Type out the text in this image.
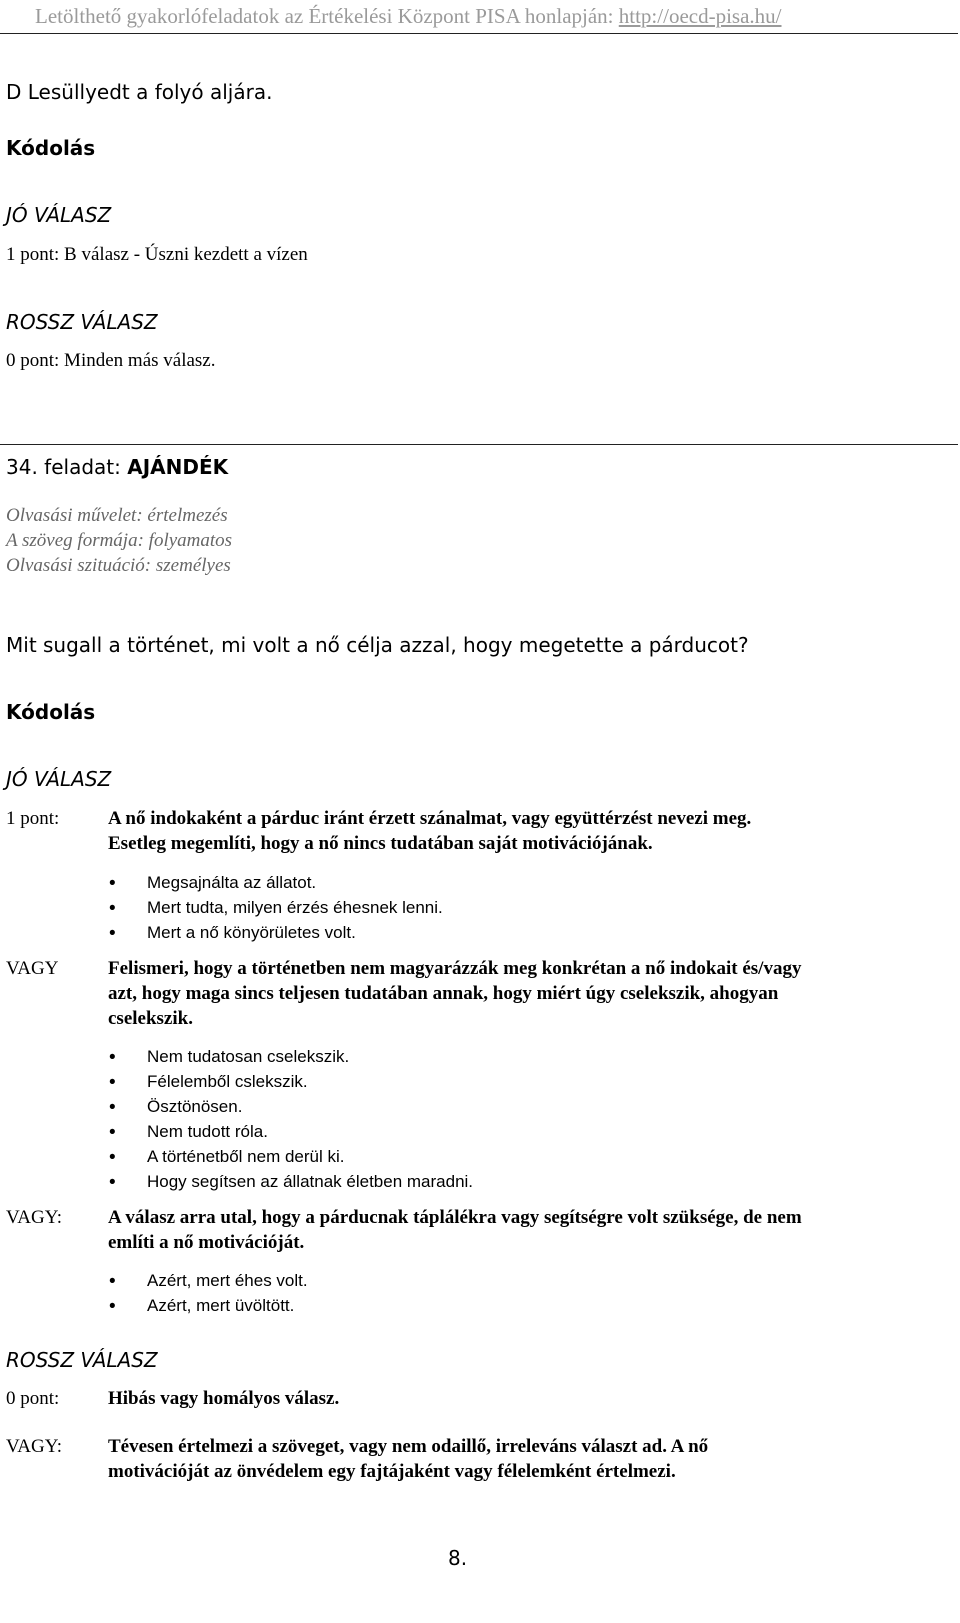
Letölthető gyakorlófeladatok az Értékelési Központ PISA honlapján: http://oecd-pisa.hu/
D Lesüllyedt a folyó aljára.
Kódolás
JÓ VÁLASZ
1 pont: B válasz - Úszni kezdett a vízen
ROSSZ VÁLASZ
0 pont: Minden más válasz.
34. feladat: AJÁNDÉK
Olvasási művelet: értelmezés
A szöveg formája: folyamatos
Olvasási szituáció: személyes
Mit sugall a történet, mi volt a nő célja azzal, hogy megetette a párducot?
Kódolás
JÓ VÁLASZ
1 pont:	A nő indokaként a párduc iránt érzett szánalmat, vagy együttérzést nevezi meg.
Esetleg megemlíti, hogy a nő nincs tudatában saját motivációjának.
• Megsajnálta az állatot.
• Mert tudta, milyen érzés éhesnek lenni.
• Mert a nő könyörületes volt.
VAGY	Felismeri, hogy a történetben nem magyarázzák meg konkrétan a nő indokait és/vagy
azt, hogy maga sincs teljesen tudatában annak, hogy miért úgy cselekszik, ahogyan
cselekszik.
• Nem tudatosan cselekszik.
• Félelemből cslekszik.
• Ösztönösen.
• Nem tudott róla.
• A történetből nem derül ki.
• Hogy segítsen az állatnak életben maradni.
VAGY: A válasz arra utal, hogy a párducnak táplálékra vagy segítségre volt szüksége, de nem
említi a nő motivációját.
• Azért, mert éhes volt.
• Azért, mert üvöltött.
ROSSZ VÁLASZ
0 pont:	Hibás vagy homályos válasz.
VAGY: Tévesen értelmezi a szöveget, vagy nem odaillő, irreleváns választ ad. A nő
motivációját az önvédelem egy fajtájaként vagy félelemként értelmezi.
8.
